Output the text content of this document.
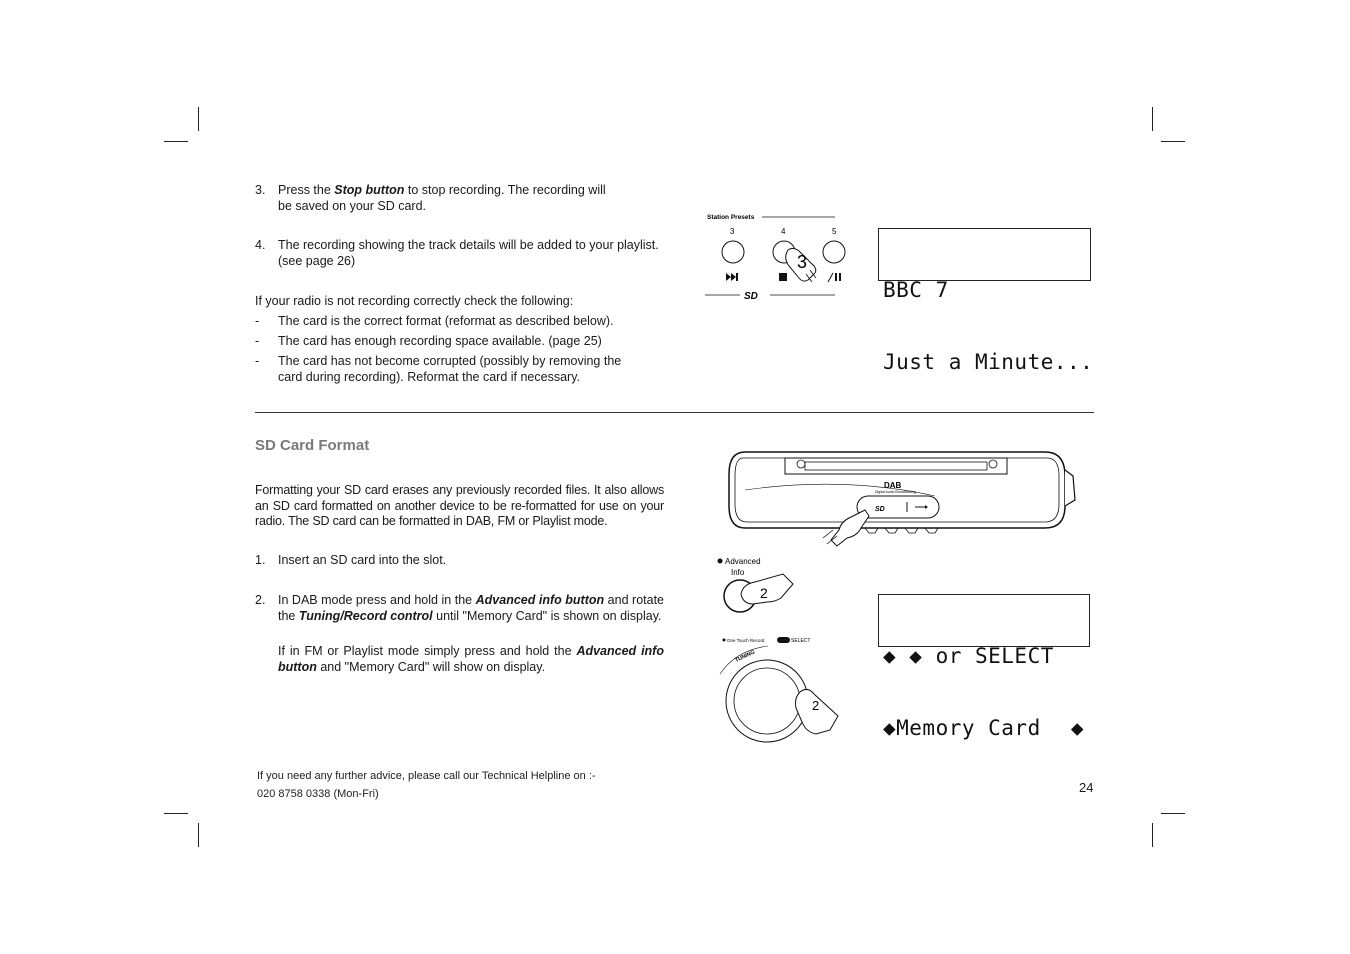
3.	Press the Stop button to stop recording. The recording will
be saved on your SD card.
4.	The recording showing the track details will be added to your playlist.
(see page 26)
If your radio is not recording correctly check the following:
-	The card is the correct format (reformat as described below).
-	The card has enough recording space available. (page 25)
-	The card has not become corrupted (possibly by removing the
card during recording). Reformat the card if necessary.
SD Card Format
Formatting your SD card erases any previously recorded files. It also allows an SD card formatted on another device to be re-formatted for use on your radio. The SD card can be formatted in DAB, FM or Playlist mode.
1.	Insert an SD card into the slot.
2.	In DAB mode press and hold in the Advanced info button and rotate the Tuning/Record control until "Memory Card" is shown on display.
If in FM or Playlist mode simply press and hold the Advanced info button and "Memory Card" will show on display.
If you need any further advice, please call our Technical Helpline on :-
020 8758 0338 (Mon-Fri)	24
Station Presets
3	4	5
3
SD

	BBC 7

Just a Minute...

DAB
Digital Audio Broadcasting
SD
Advanced
Info
2

◆ ◆ or SELECT

◆Memory Card ◆

One Touch Record	SELECT
TUNING
2
